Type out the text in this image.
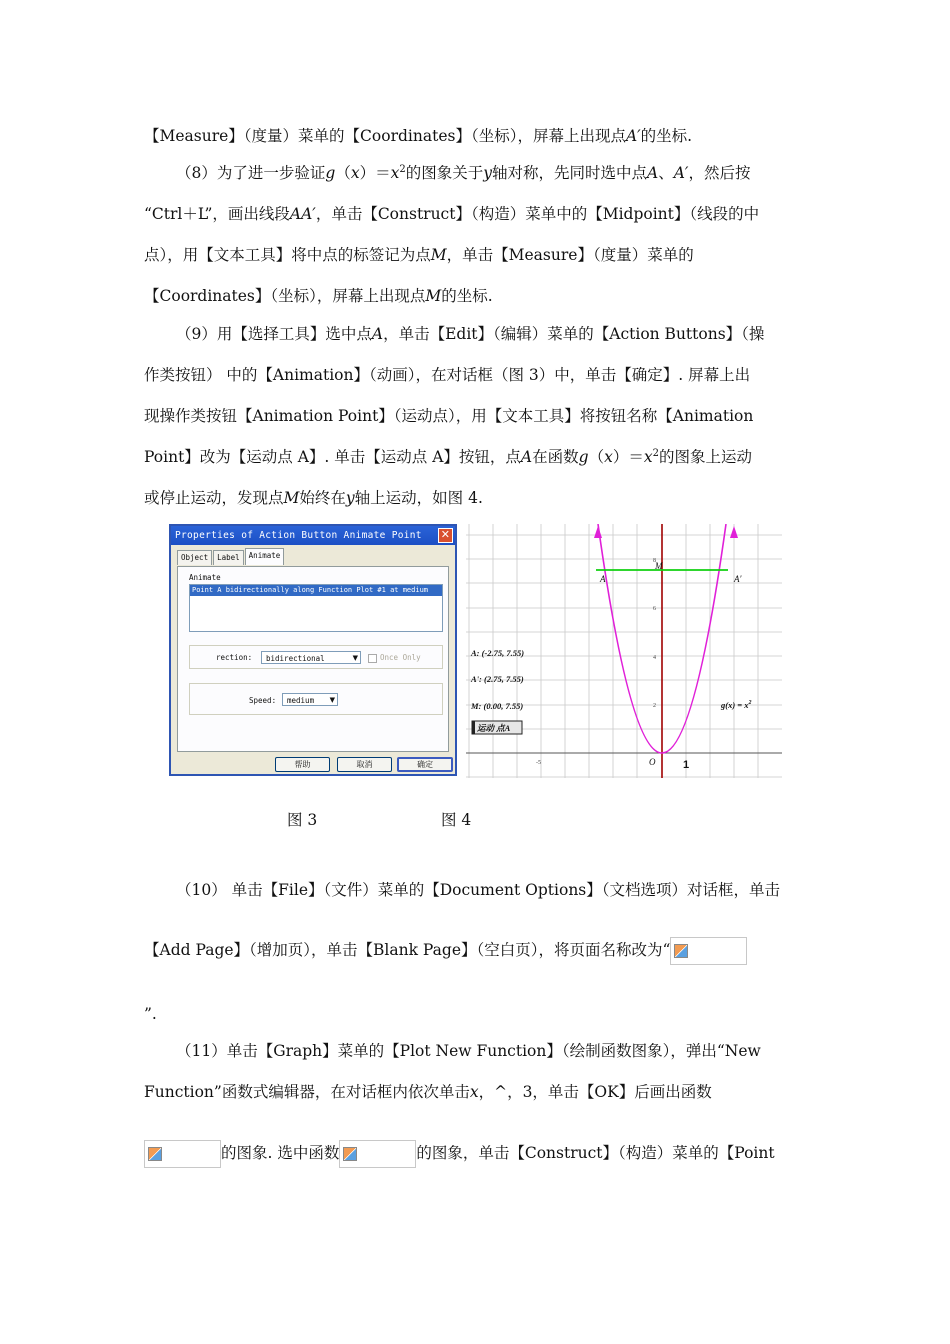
【Measure】（度量）菜单的【Coordinates】（坐标），屏幕上出现点A′的坐标.
（8）为了进一步验证$g(x)=x^2$的图象关于y轴对称，先同时选中点A、A′，然后按
“Ctrl＋L”，画出线段AA′，单击【Construct】（构造）菜单中的【Midpoint】（线段的中
点），用【文本工具】将中点的标签记为点M，单击【Measure】（度量）菜单的
【Coordinates】（坐标），屏幕上出现点M的坐标.
（9）用【选择工具】选中点A，单击【Edit】（编辑）菜单的【Action Buttons】（操
作类按钮） 中的【Animation】（动画），在对话框（图 3）中，单击【确定】. 屏幕上出
现操作类按钮【Animation Point】（运动点），用【文本工具】将按钮名称【Animation
Point】改为【运动点 A】. 单击【运动点 A】按钮，点A在函数$g(x)=x^2$的图象上运动
或停止运动，发现点M始终在y轴上运动，如图 4.
Properties of Action Button Animate Point ✕
Object	Label	Animate
Animate
Point A bidirectionally along Function Plot #1 at medium
rection:	bidirectional	▼	Once Only
Speed:	medium ▼
帮助	取消	确定
8
6
4
2
-5
A	A′
M
O	1
$g(x) = x^2$
A: (-2.75, 7.55)
A': (2.75, 7.55)
M: (0.00, 7.55)
运动 点A
图 3	图 4
（10） 单击【File】（文件）菜单的【Document Options】（文档选项）对话框，单击
【Add Page】（增加页），单击【Blank Page】（空白页），将页面名称改为“
”.
（11）单击【Graph】菜单的【Plot New Function】（绘制函数图象），弹出“New
Function”函数式编辑器，在对话框内依次单击x，^，3，单击【OK】后画出函数
的图象. 选中函数	的图象，单击【Construct】（构造）菜单的【Point
